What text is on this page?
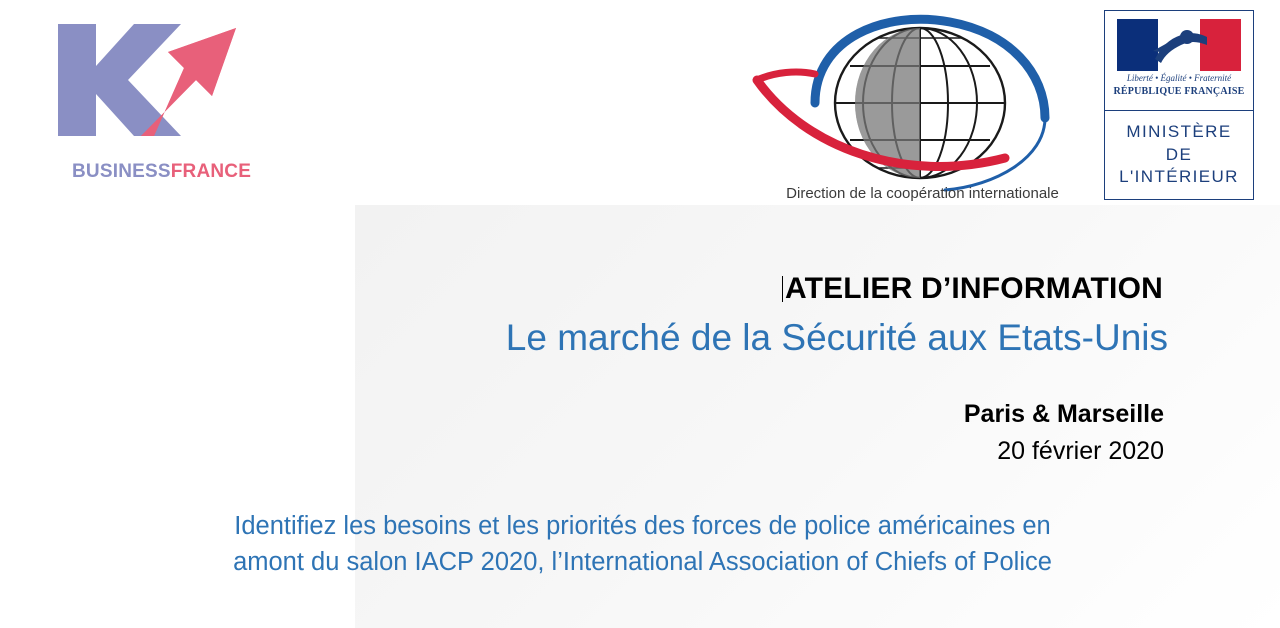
BUSINESSFRANCE
Direction de la coopération internationale
Liberté • Égalité • Fraternité
RÉPUBLIQUE FRANÇAISE
MINISTÈRE
DE
L'INTÉRIEUR
ATELIER D’INFORMATION
Le marché de la Sécurité aux Etats-Unis
Paris & Marseille
20 février 2020
Identifiez les besoins et les priorités des forces de police américaines en
amont du salon IACP 2020, l’International Association of Chiefs of Police
